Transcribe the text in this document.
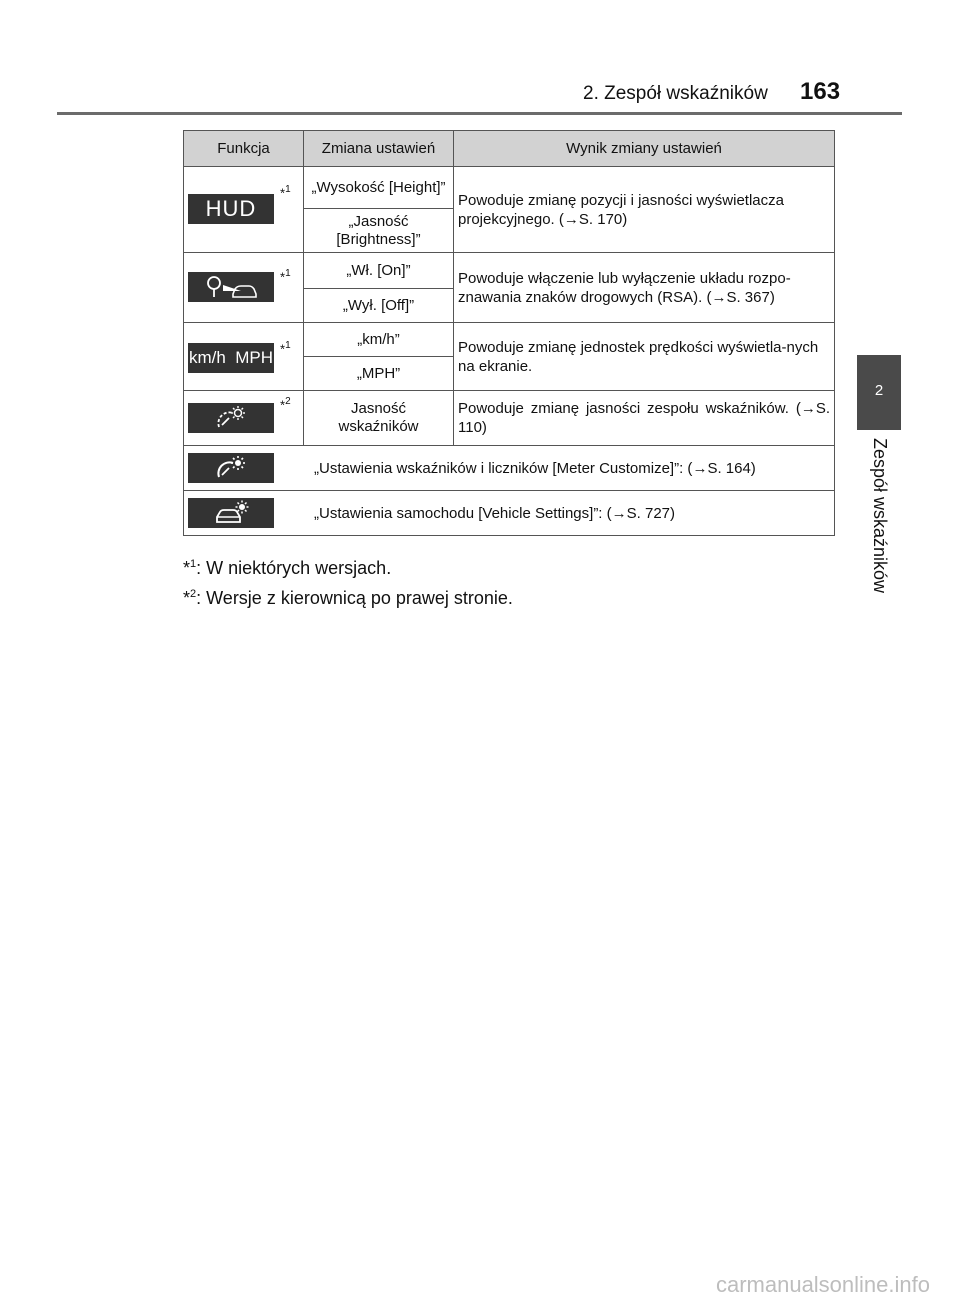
2. Zespół wskaźników 163
2
Zespół wskaźników
Funkcja	Zmiana ustawień	Wynik zmiany ustawień

HUD
*$^1$	„Wysokość [Height]”	Powoduje zmianę pozycji i jasności wyświetlacza projekcyjnego. (→S. 170)
	„Jasność [Brightness]”	

*$^1$	„Wł. [On]”	Powoduje włączenie lub wyłączenie układu rozpo-znawania znaków drogowych (RSA). (→S. 367)
	„Wył. [Off]”	

km/h  MPH *$^1$	„km/h”	Powoduje zmianę jednostek prędkości wyświetla-nych na ekranie.
	„MPH”	

*$^2$	Jasność wskaźników	Powoduje zmianę jasności zespołu wskaźników. (→S. 110)

„Ustawienia wskaźników i liczników [Meter Customize]”: (→S. 164)		

„Ustawienia samochodu [Vehicle Settings]”: (→S. 727)		
*$^1$: W niektórych wersjach.
*$^2$: Wersje z kierownicą po prawej stronie.
carmanualsonline.info
